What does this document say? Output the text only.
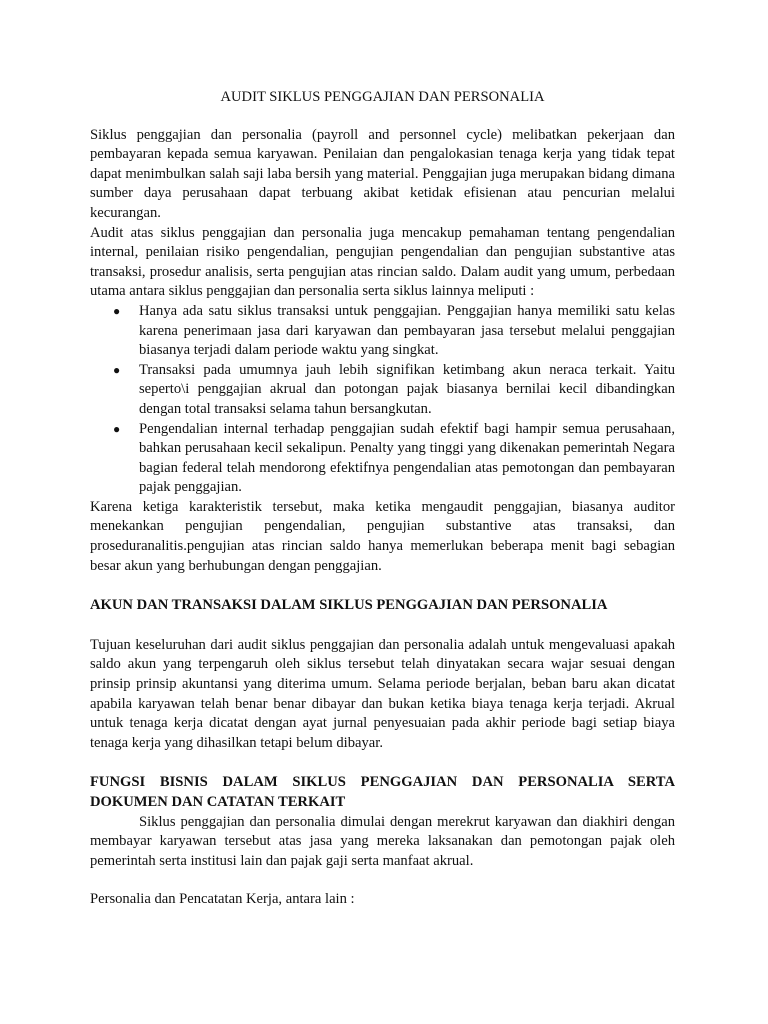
AUDIT SIKLUS PENGGAJIAN DAN PERSONALIA

Siklus penggajian dan personalia (payroll and personnel cycle) melibatkan pekerjaan dan pembayaran kepada semua karyawan. Penilaian dan pengalokasian tenaga kerja yang tidak tepat dapat menimbulkan salah saji laba bersih yang material. Penggajian juga merupakan bidang dimana sumber daya perusahaan dapat terbuang akibat ketidak efisienan atau pencurian melalui kecurangan.

Audit atas siklus penggajian dan personalia juga mencakup pemahaman tentang pengendalian internal, penilaian risiko pengendalian, pengujian pengendalian dan pengujian substantive atas transaksi, prosedur analisis, serta pengujian atas rincian saldo. Dalam audit yang umum, perbedaan utama antara siklus penggajian dan personalia serta siklus lainnya meliputi :

● Hanya ada satu siklus transaksi untuk penggajian. Penggajian hanya memiliki satu kelas karena penerimaan jasa dari karyawan dan pembayaran jasa tersebut melalui penggajian biasanya terjadi dalam periode waktu yang singkat.
● Transaksi pada umumnya jauh lebih signifikan ketimbang akun neraca terkait. Yaitu seperto\i penggajian akrual dan potongan pajak biasanya bernilai kecil dibandingkan dengan total transaksi selama tahun bersangkutan.
● Pengendalian internal terhadap penggajian sudah efektif bagi hampir semua perusahaan, bahkan perusahaan kecil sekalipun. Penalty yang tinggi yang dikenakan pemerintah Negara bagian federal telah mendorong efektifnya pengendalian atas pemotongan dan pembayaran pajak penggajian.

Karena ketiga karakteristik tersebut, maka ketika mengaudit penggajian, biasanya auditor menekankan pengujian pengendalian, pengujian substantive atas transaksi, dan proseduranalitis.pengujian atas rincian saldo hanya memerlukan beberapa menit bagi sebagian besar akun yang berhubungan dengan penggajian.

AKUN DAN TRANSAKSI DALAM SIKLUS PENGGAJIAN DAN PERSONALIA

Tujuan keseluruhan dari audit siklus penggajian dan personalia adalah untuk mengevaluasi apakah saldo akun yang terpengaruh oleh siklus tersebut telah dinyatakan secara wajar sesuai dengan prinsip prinsip akuntansi yang diterima umum. Selama periode berjalan, beban baru akan dicatat apabila karyawan telah benar benar dibayar dan bukan ketika biaya tenaga kerja terjadi. Akrual untuk tenaga kerja dicatat dengan ayat jurnal penyesuaian pada akhir periode bagi setiap biaya tenaga kerja yang dihasilkan tetapi belum dibayar.

FUNGSI BISNIS DALAM SIKLUS PENGGAJIAN DAN PERSONALIA SERTA DOKUMEN DAN CATATAN TERKAIT

Siklus penggajian dan personalia dimulai dengan merekrut karyawan dan diakhiri dengan membayar karyawan tersebut atas jasa yang mereka laksanakan dan pemotongan pajak oleh pemerintah serta institusi lain dan pajak gaji serta manfaat akrual.

Personalia dan Pencatatan Kerja, antara lain :
